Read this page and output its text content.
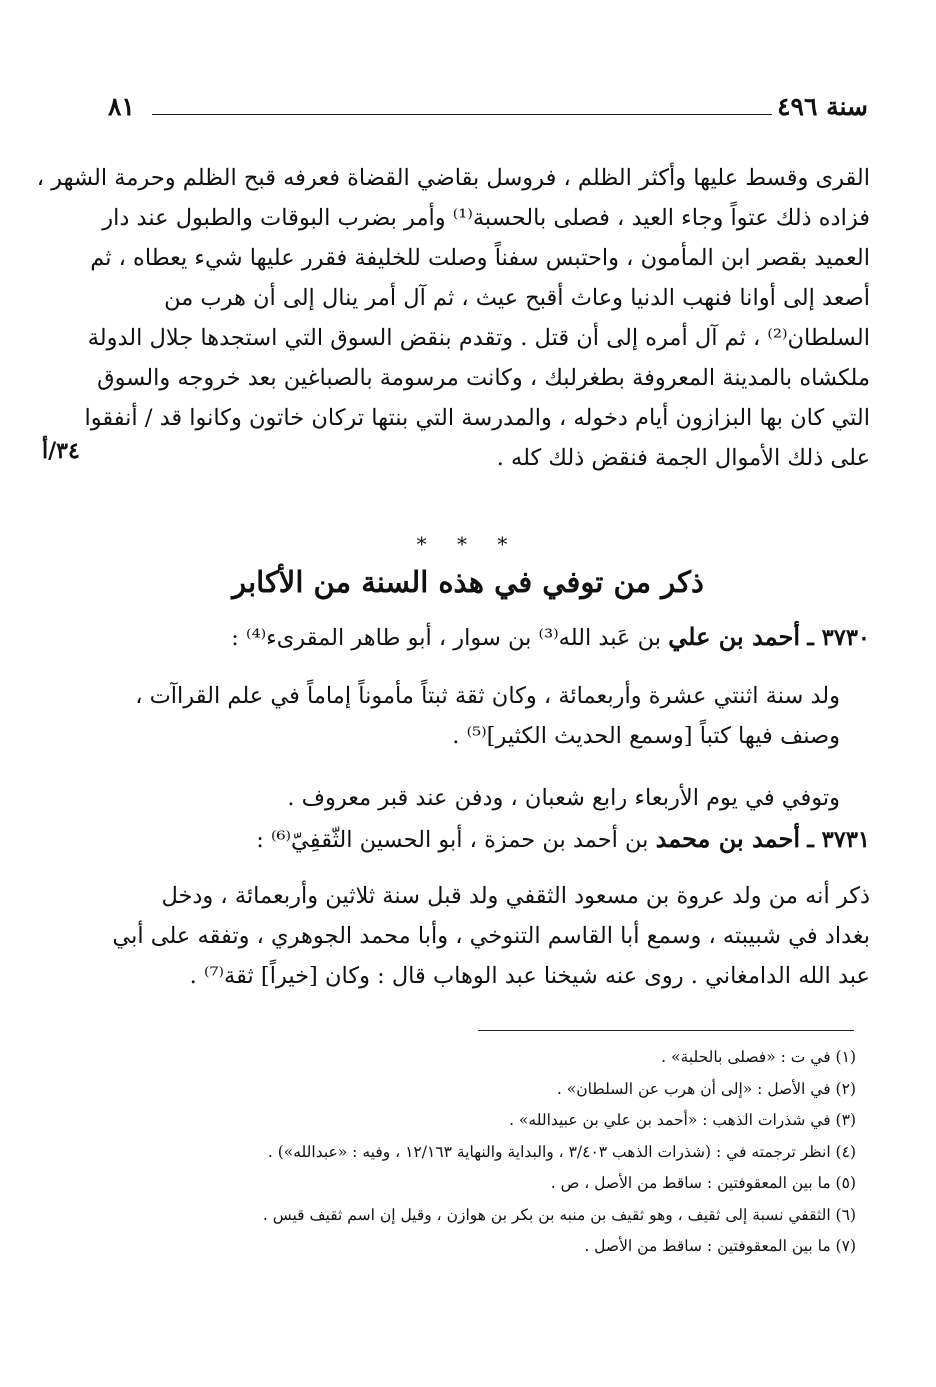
سنة ٤٩٦
٨١
القرى وقسط عليها وأكثر الظلم ، فروسل بقاضي القضاة فعرفه قبح الظلم وحرمة الشهر ،
فزاده ذلك عتواً وجاء العيد ، فصلى بالحسبة⁽¹⁾ وأمر بضرب البوقات والطبول عند دار
العميد بقصر ابن المأمون ، واحتبس سفناً وصلت للخليفة فقرر عليها شيء يعطاه ، ثم
أصعد إلى أوانا فنهب الدنيا وعاث أقبح عيث ، ثم آل أمر ينال إلى أن هرب من
السلطان⁽²⁾ ، ثم آل أمره إلى أن قتل . وتقدم بنقض السوق التي استجدها جلال الدولة
ملكشاه بالمدينة المعروفة بطغرلبك ، وكانت مرسومة بالصباغين بعد خروجه والسوق
التي كان بها البزازون أيام دخوله ، والمدرسة التي بنتها تركان خاتون وكانوا قد / أنفقوا
على ذلك الأموال الجمة فنقض ذلك كله .
٣٤/أ
* * *
ذكر من توفي في هذه السنة من الأكابر
٣٧٣٠ ـ أحمد بن علي بن عَبد الله⁽³⁾ بن سوار ، أبو طاهر المقرىء⁽⁴⁾ :
ولد سنة اثنتي عشرة وأربعمائة ، وكان ثقة ثبتاً مأموناً إماماً في علم القراآت ،
وصنف فيها كتباً [وسمع الحديث الكثير]⁽⁵⁾ .
وتوفي في يوم الأربعاء رابع شعبان ، ودفن عند قبر معروف .
٣٧٣١ ـ أحمد بن محمد بن أحمد بن حمزة ، أبو الحسين الثّقفِيّ⁽⁶⁾ :
ذكر أنه من ولد عروة بن مسعود الثقفي ولد قبل سنة ثلاثين وأربعمائة ، ودخل
بغداد في شبيبته ، وسمع أبا القاسم التنوخي ، وأبا محمد الجوهري ، وتفقه على أبي
عبد الله الدامغاني . روى عنه شيخنا عبد الوهاب قال : وكان [خيراً] ثقة⁽⁷⁾ .
(١) في ت : «فصلى بالحلبة» .
(٢) في الأصل : «إلى أن هرب عن السلطان» .
(٣) في شذرات الذهب : «أحمد بن علي بن عبيدالله» .
(٤) انظر ترجمته في : (شذرات الذهب ٣/٤٠٣ ، والبداية والنهاية ١٢/١٦٣ ، وفيه : «عبدالله») .
(٥) ما بين المعقوفتين : ساقط من الأصل ، ص .
(٦) الثقفي نسبة إلى ثقيف ، وهو ثقيف بن منبه بن بكر بن هوازن ، وقيل إن اسم ثقيف قيس .
(٧) ما بين المعقوفتين : ساقط من الأصل .
